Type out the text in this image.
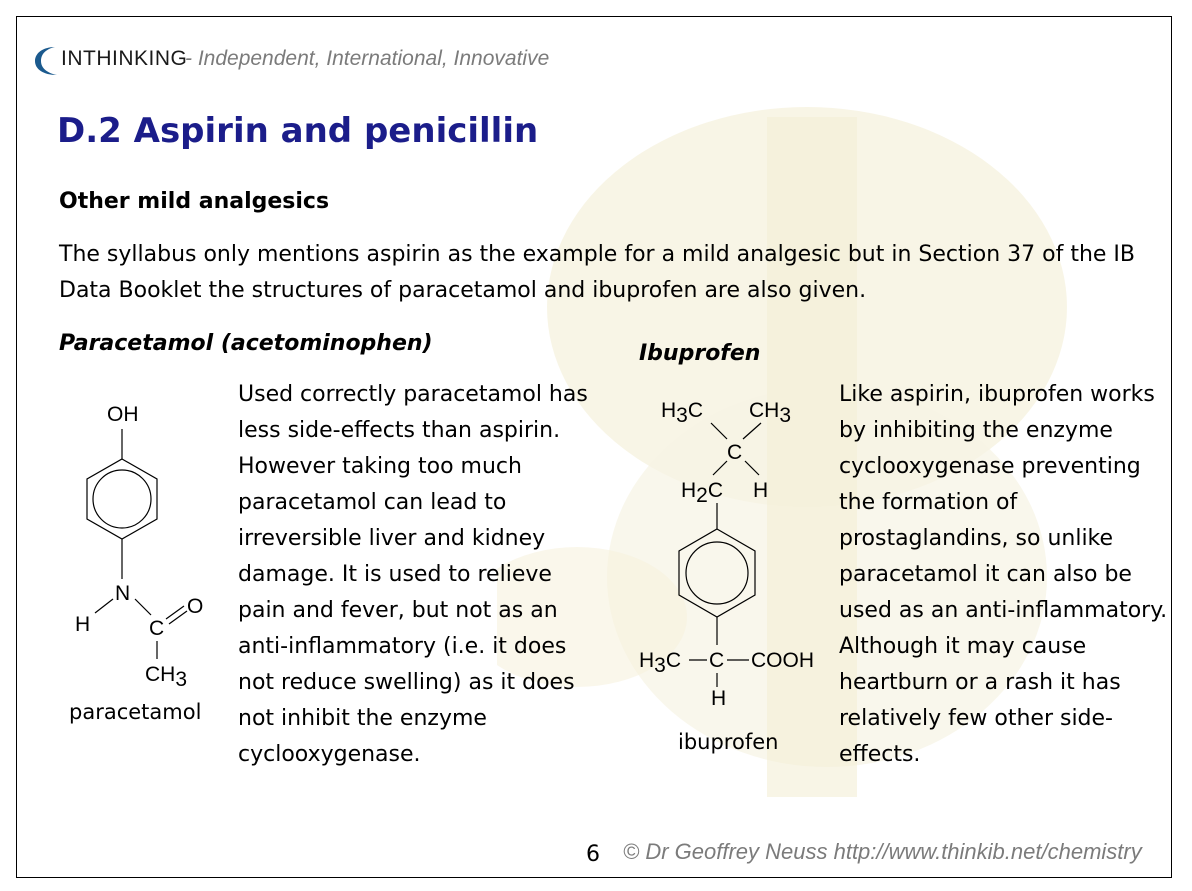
INTHINKING
- Independent, International, Innovative
D.2 Aspirin and penicillin
Other mild analgesics
The syllabus only mentions aspirin as the example for a mild analgesic but in Section 37 of the IB Data Booklet the structures of paracetamol and ibuprofen are also given.
Paracetamol (acetominophen)	Ibuprofen
OH
N
H	C
O
CH3
Used correctly paracetamol has less side-effects than aspirin. However taking too much paracetamol can lead to irreversible liver and kidney damage. It is used to relieve pain and fever, but not as an anti-inflammatory (i.e. it does not reduce swelling) as it does not inhibit the enzyme cyclooxygenase.
paracetamol
H3C CH3
C
H
H2C
H3C C COOH
H
Like aspirin, ibuprofen works by inhibiting the enzyme cyclooxygenase preventing the formation of prostaglandins, so unlike paracetamol it can also be used as an anti-inflammatory. Although it may cause heartburn or a rash it has relatively few other side-effects.
ibuprofen
6 © Dr Geoffrey Neuss http://www.thinkib.net/chemistry
